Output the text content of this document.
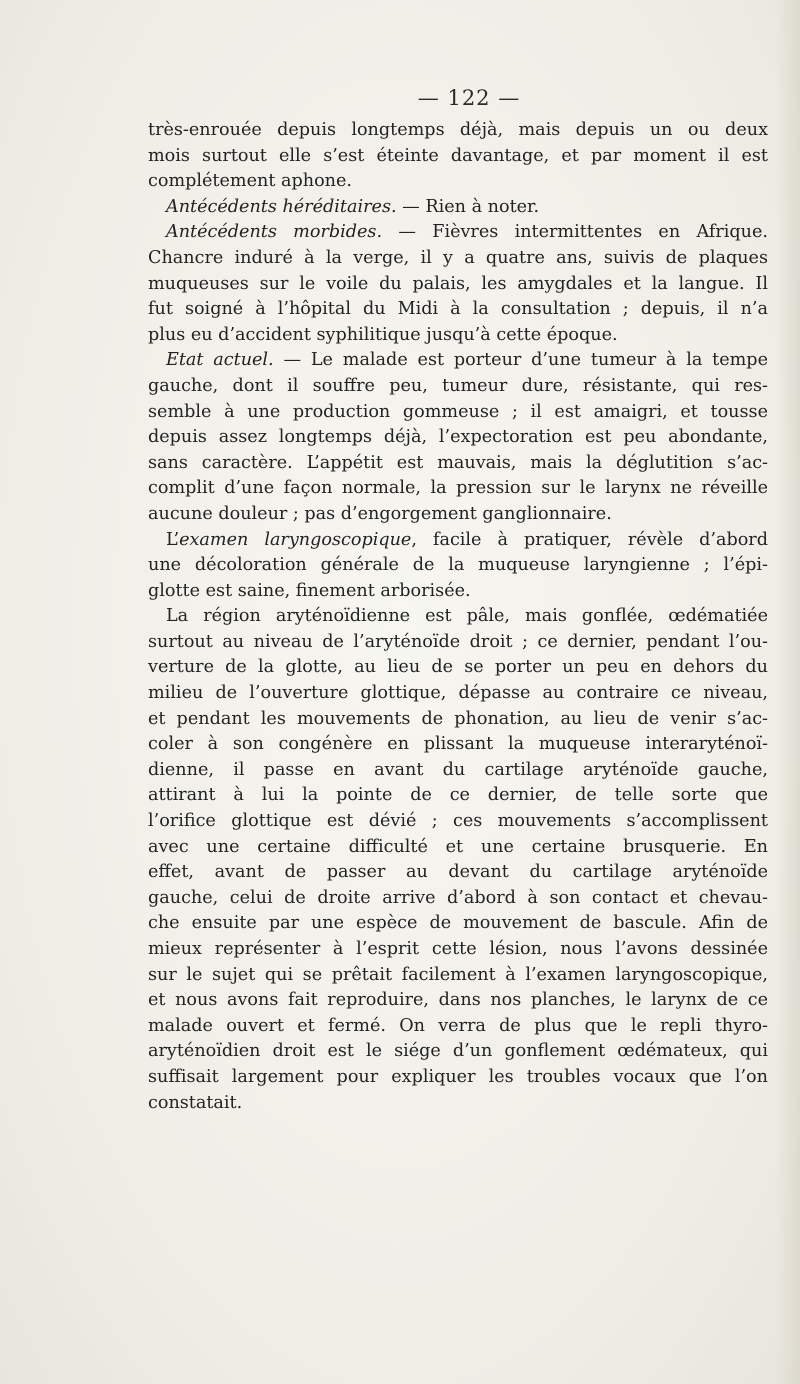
— 122 —
très-enrouée depuis longtemps déjà, mais depuis un ou deux
mois surtout elle s’est éteinte davantage, et par moment il est
complétement aphone.
Antécédents héréditaires. — Rien à noter.
Antécédents morbides. — Fièvres intermittentes en Afrique.
Chancre induré à la verge, il y a quatre ans, suivis de plaques
muqueuses sur le voile du palais, les amygdales et la langue. Il
fut soigné à l’hôpital du Midi à la consultation ; depuis, il n’a
plus eu d’accident syphilitique jusqu’à cette époque.
Etat actuel. — Le malade est porteur d’une tumeur à la tempe
gauche, dont il souffre peu, tumeur dure, résistante, qui res-
semble à une production gommeuse ; il est amaigri, et tousse
depuis assez longtemps déjà, l’expectoration est peu abondante,
sans caractère. L’appétit est mauvais, mais la déglutition s’ac-
complit d’une façon normale, la pression sur le larynx ne réveille
aucune douleur ; pas d’engorgement ganglionnaire.
L’examen laryngoscopique, facile à pratiquer, révèle d’abord
une décoloration générale de la muqueuse laryngienne ; l’épi-
glotte est saine, finement arborisée.
La région aryténoïdienne est pâle, mais gonflée, œdématiée
surtout au niveau de l’aryténoïde droit ; ce dernier, pendant l’ou-
verture de la glotte, au lieu de se porter un peu en dehors du
milieu de l’ouverture glottique, dépasse au contraire ce niveau,
et pendant les mouvements de phonation, au lieu de venir s’ac-
coler à son congénère en plissant la muqueuse interaryténoï-
dienne, il passe en avant du cartilage aryténoïde gauche,
attirant à lui la pointe de ce dernier, de telle sorte que
l’orifice glottique est dévié ; ces mouvements s’accomplissent
avec une certaine difficulté et une certaine brusquerie. En
effet, avant de passer au devant du cartilage aryténoïde
gauche, celui de droite arrive d’abord à son contact et chevau-
che ensuite par une espèce de mouvement de bascule. Afin de
mieux représenter à l’esprit cette lésion, nous l’avons dessinée
sur le sujet qui se prêtait facilement à l’examen laryngoscopique,
et nous avons fait reproduire, dans nos planches, le larynx de ce
malade ouvert et fermé. On verra de plus que le repli thyro-
aryténoïdien droit est le siége d’un gonflement œdémateux, qui
suffisait largement pour expliquer les troubles vocaux que l’on
constatait.
